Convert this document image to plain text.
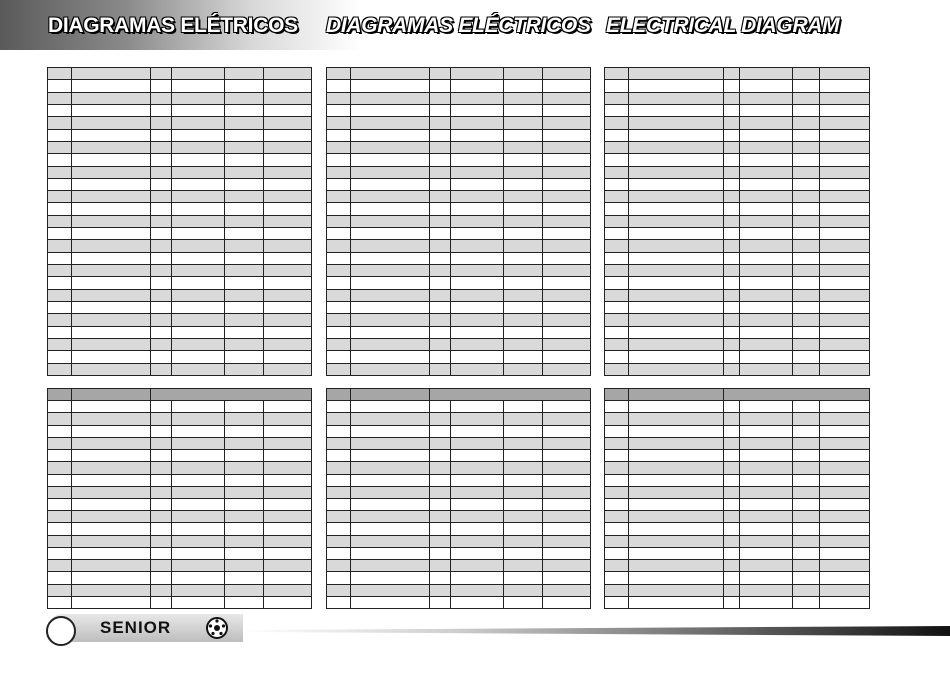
DIAGRAMAS ELÉTRICOS DIAGRAMAS ELÉCTRICOS ELECTRICAL DIAGRAM

SENIOR
